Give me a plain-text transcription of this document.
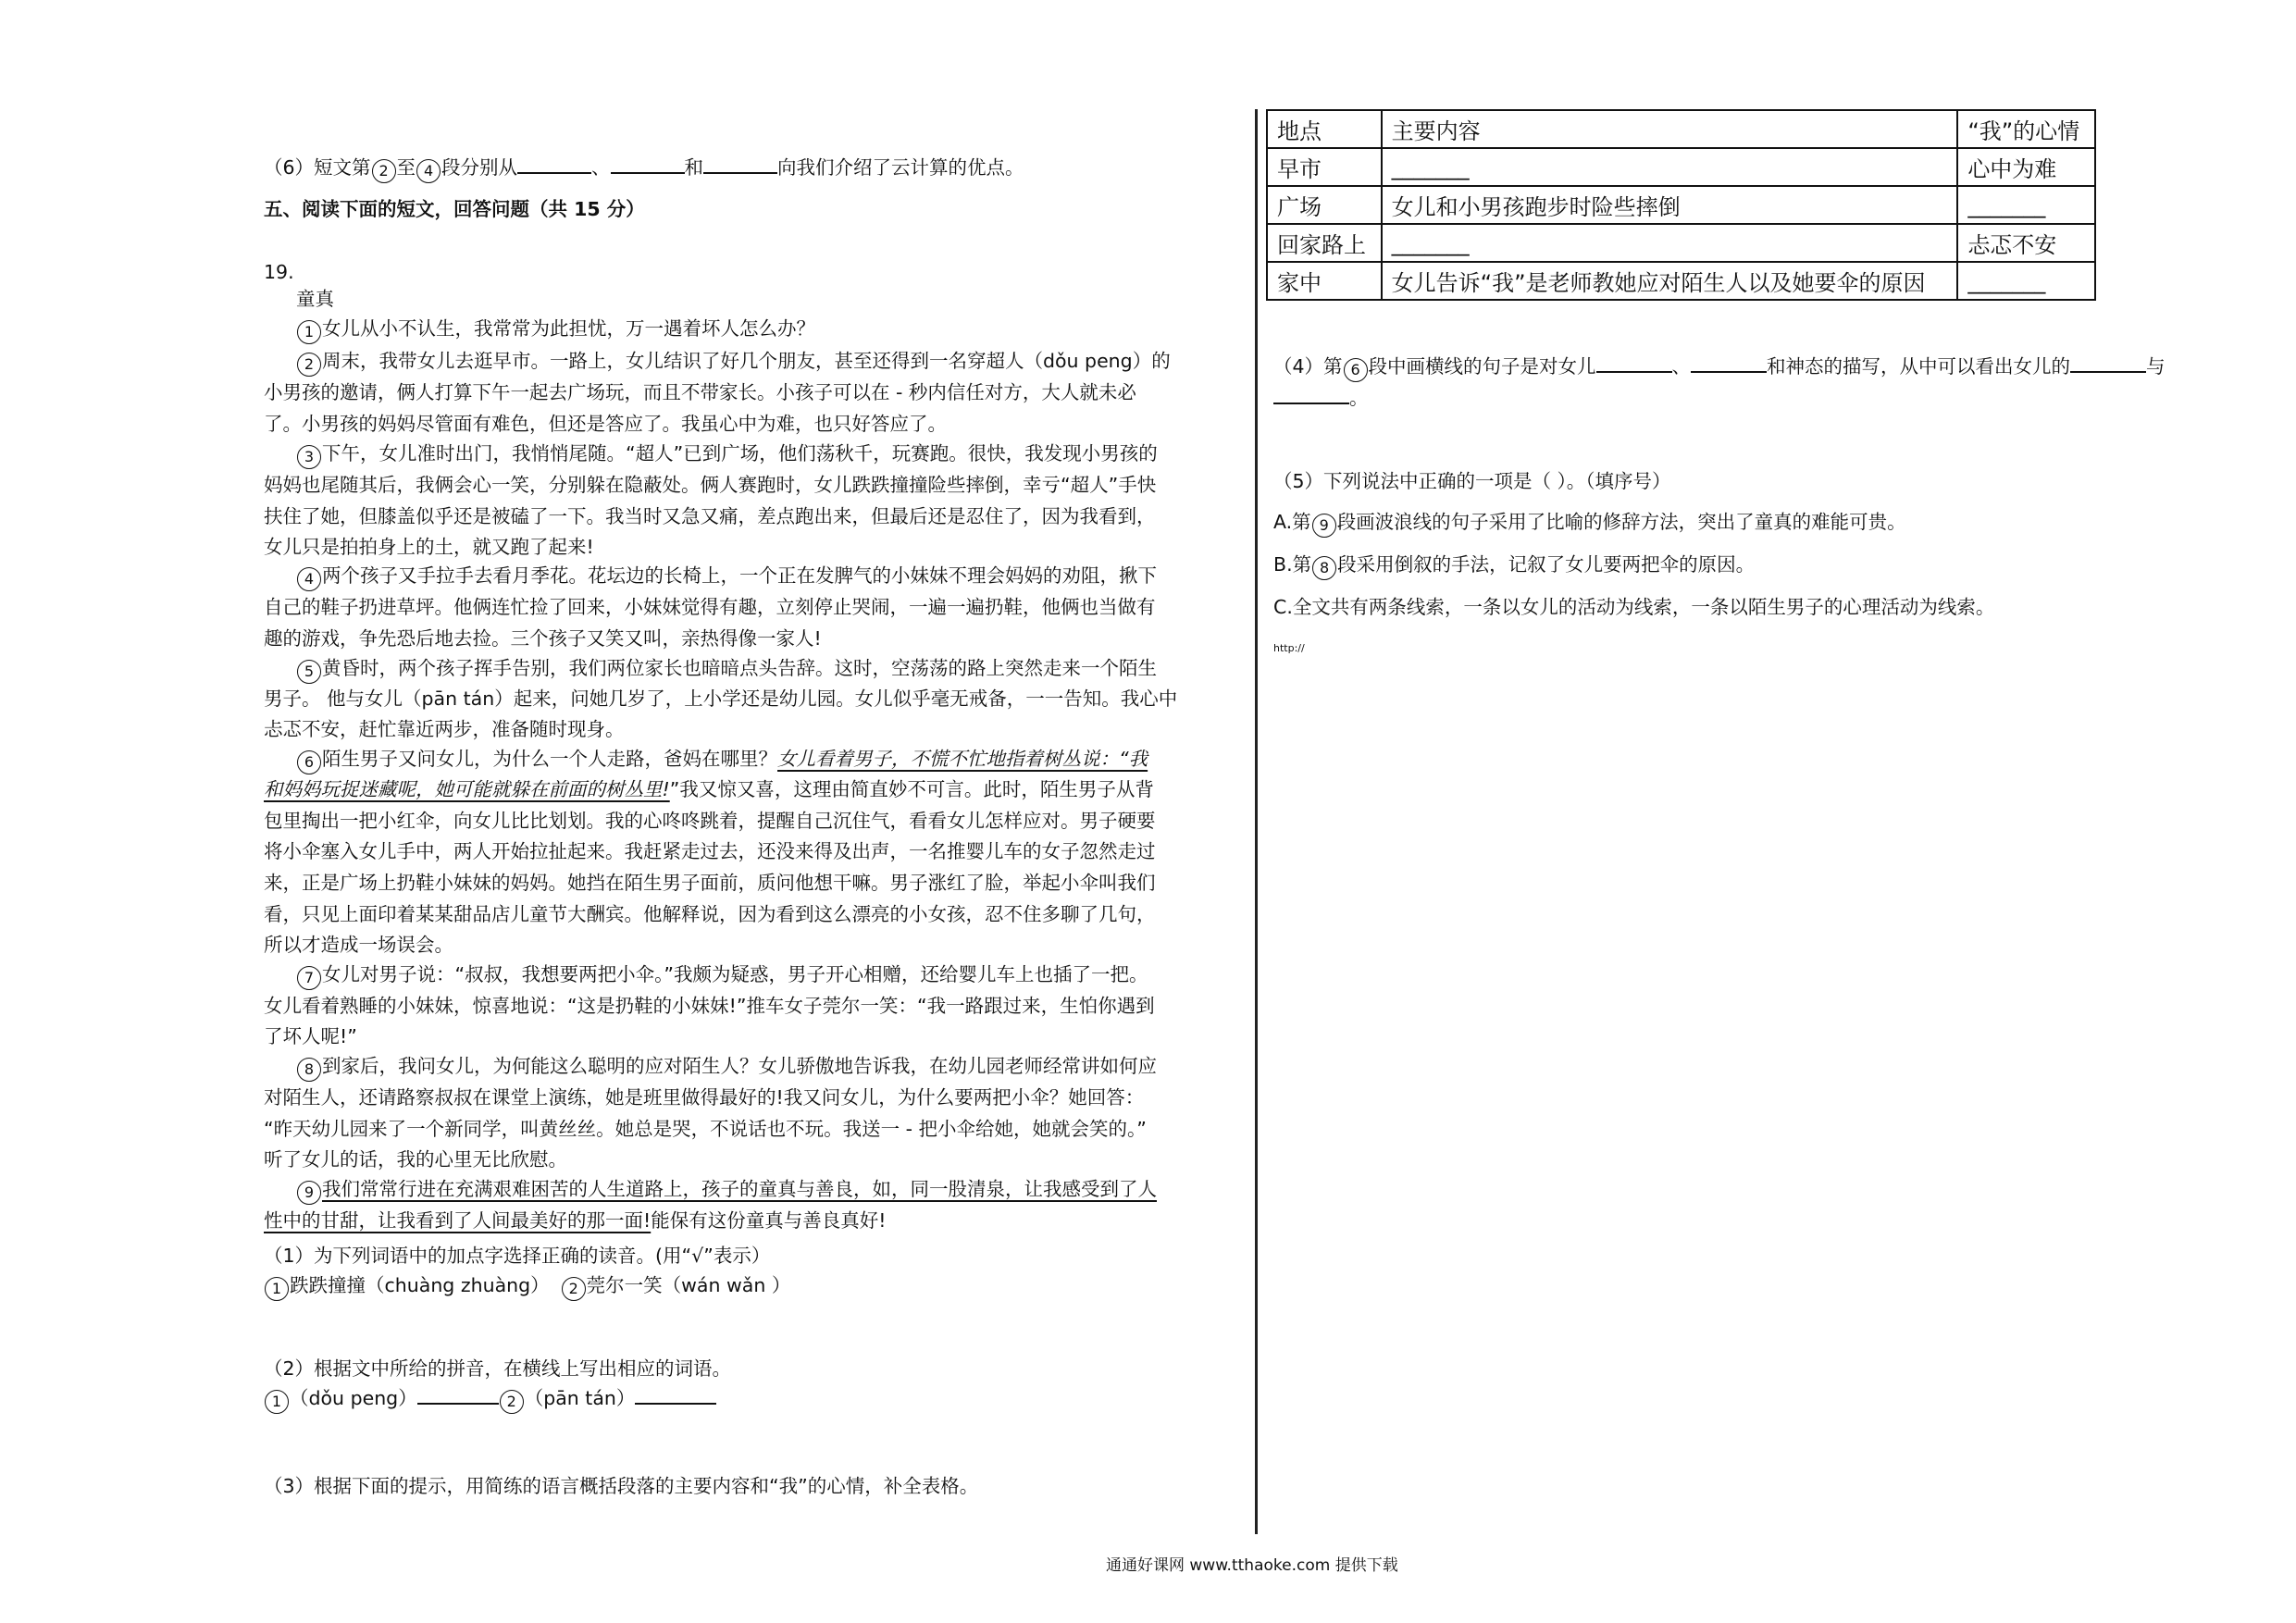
（6）短文第 2 至 4 段分别从	、	和	向我们介绍了云计算的优点。
五、阅读下面的短文，回答问题（共 15 分）
19.
童真
1 女儿从小不认生，我常常为此担忧，万一遇着坏人怎么办？
2 周末，我带女儿去逛早市。一路上，女儿结识了好几个朋友，甚至还得到一名穿超人（dǒu peng）的
小男孩的邀请，俩人打算下午一起去广场玩，而且不带家长。小孩子可以在 - 秒内信任对方，大人就未必
了。小男孩的妈妈尽管面有难色，但还是答应了。我虽心中为难，也只好答应了。
3 下午，女儿准时出门，我悄悄尾随。“超人”已到广场，他们荡秋千，玩赛跑。很快，我发现小男孩的
妈妈也尾随其后，我俩会心一笑，分别躲在隐蔽处。俩人赛跑时，女儿跌跌撞撞险些摔倒，幸亏“超人”手快
扶住了她，但膝盖似乎还是被磕了一下。我当时又急又痛，差点跑出来，但最后还是忍住了，因为我看到，
女儿只是拍拍身上的土，就又跑了起来!
4 两个孩子又手拉手去看月季花。花坛边的长椅上，一个正在发脾气的小妹妹不理会妈妈的劝阻，揪下
自己的鞋子扔进草坪。他俩连忙捡了回来，小妹妹觉得有趣，立刻停止哭闹，一遍一遍扔鞋，他俩也当做有
趣的游戏，争先恐后地去捡。三个孩子又笑又叫，亲热得像一家人!
5 黄昏时，两个孩子挥手告别，我们两位家长也暗暗点头告辞。这时，空荡荡的路上突然走来一个陌生
男子。 他与女儿（pān tán）起来，问她几岁了，上小学还是幼儿园。女儿似乎毫无戒备，一一告知。我心中
忐忑不安，赶忙靠近两步，准备随时现身。
6 陌生男子又问女儿，为什么一个人走路，爸妈在哪里？女儿看着男子，不慌不忙地指着树丛说：“我
和妈妈玩捉迷藏呢，她可能就躲在前面的树丛里!”我又惊又喜，这理由简直妙不可言。此时，陌生男子从背
包里掏出一把小红伞，向女儿比比划划。我的心咚咚跳着，提醒自己沉住气，看看女儿怎样应对。男子硬要
将小伞塞入女儿手中，两人开始拉扯起来。我赶紧走过去，还没来得及出声，一名推婴儿车的女子忽然走过
来，正是广场上扔鞋小妹妹的妈妈。她挡在陌生男子面前，质问他想干嘛。男子涨红了脸，举起小伞叫我们
看，只见上面印着某某甜品店儿童节大酬宾。他解释说，因为看到这么漂亮的小女孩，忍不住多聊了几句，
所以才造成一场误会。
7 女儿对男子说：“叔叔，我想要两把小伞。”我颇为疑惑，男子开心相赠，还给婴儿车上也插了一把。
女儿看着熟睡的小妹妹，惊喜地说：“这是扔鞋的小妹妹!”推车女子莞尔一笑：“我一路跟过来，生怕你遇到
了坏人呢!”
8 到家后，我问女儿，为何能这么聪明的应对陌生人？女儿骄傲地告诉我，在幼儿园老师经常讲如何应
对陌生人，还请路察叔叔在课堂上演练，她是班里做得最好的!我又问女儿，为什么要两把小伞？她回答：
“昨天幼儿园来了一个新同学，叫黄丝丝。她总是哭，不说话也不玩。我送一 - 把小伞给她，她就会笑的。”
听了女儿的话，我的心里无比欣慰。
9 我们常常行进在充满艰难困苦的人生道路上，孩子的童真与善良，如，同一股清泉，让我感受到了人
性中的甘甜，让我看到了人间最美好的那一面!能保有这份童真与善良真好!
（1）为下列词语中的加点字选择正确的读音。(用“√”表示）
1 跌跌撞撞（chuàng zhuàng） 2 莞尔一笑（wán wǎn ）
（2）根据文中所给的拼音，在横线上写出相应的词语。
1 （dǒu peng）	2 （pān tán）
（3）根据下面的提示，用简练的语言概括段落的主要内容和“我”的心情，补全表格。
地点	主要内容	“我”的心情
早市	_______	心中为难
广场	女儿和小男孩跑步时险些摔倒	_______
回家路上	_______	忐忑不安
家中	女儿告诉“我”是老师教她应对陌生人以及她要伞的原因	_______
（4）第 6 段中画横线的句子是对女儿	、	和神态的描写，从中可以看出女儿的	与
。
（5）下列说法中正确的一项是（ ）。（填序号）
A.第 9 段画波浪线的句子采用了比喻的修辞方法，突出了童真的难能可贵。
B.第 8 段采用倒叙的手法，记叙了女儿要两把伞的原因。
C.全文共有两条线索，一条以女儿的活动为线索，一条以陌生男子的心理活动为线索。
http://
通通好课网 www.tthaoke.com 提供下载
